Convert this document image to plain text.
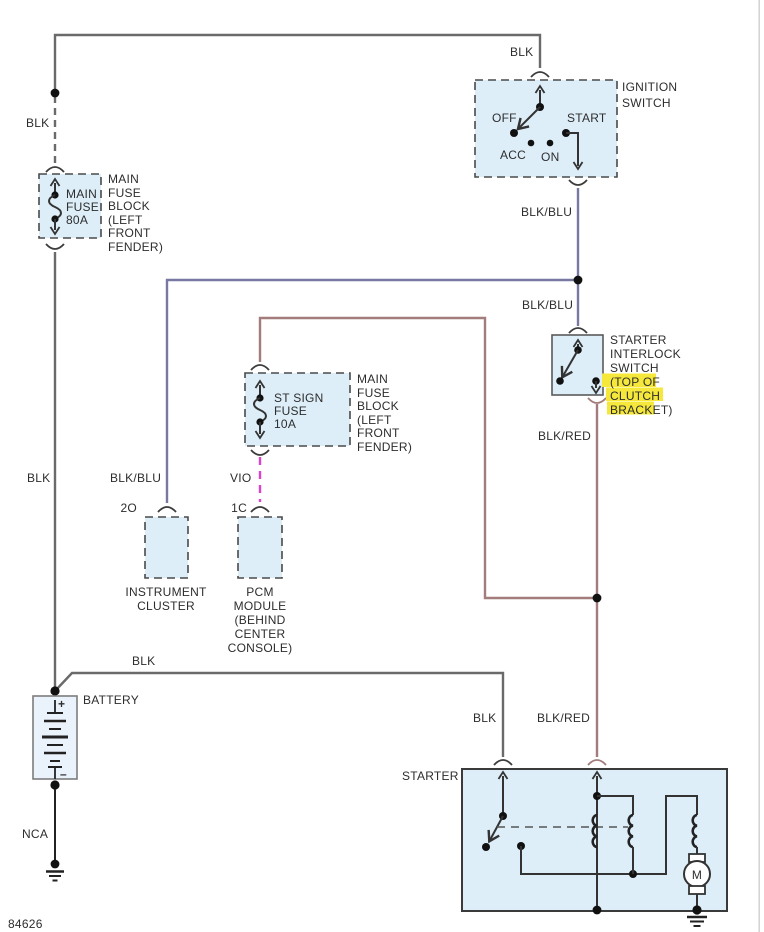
MAIN
FUSE
80A
MAIN
FUSE
BLOCK
(LEFT
FRONT
FENDER)
OFF	START
ACC ON
IGNITION
SWITCH
STARTER
INTERLOCK
SWITCH
(TOP OF
CLUTCH
BRACKET)
ST SIGN
FUSE
10A
MAIN
FUSE
BLOCK
(LEFT
FRONT
FENDER)
2O
INSTRUMENT
CLUSTER
1C
PCM
MODULE
(BEHIND
CENTER
CONSOLE)
+
–
BATTERY
STARTER
M
BLK
BLK
BLK
BLK/BLU
BLK/BLU
BLK/BLU
BLK/RED
BLK/RED
BLK
BLK
VIO
NCA
84626
